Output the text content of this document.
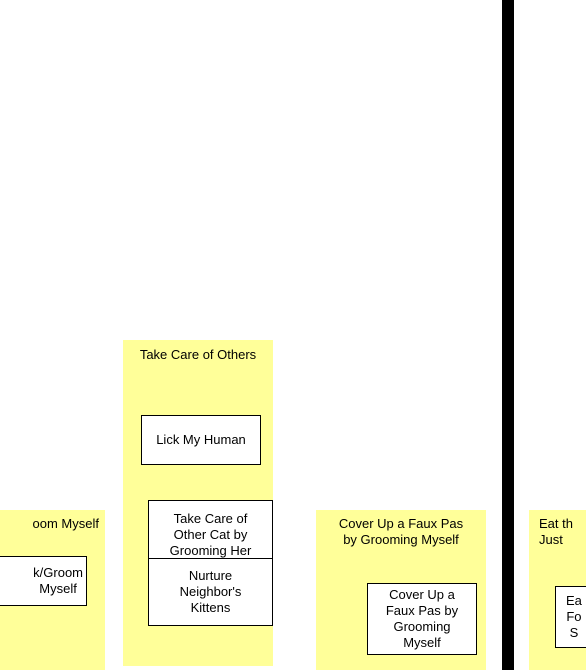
oom Myself
k/Groom
Myself
Take Care of Others
Lick My Human
Take Care of
Other Cat by
Grooming Her
Nurture
Neighbor's
Kittens
Cover Up a Faux Pas
by Grooming Myself
Cover Up a
Faux Pas by
Grooming
Myself
Eat th
Just
Ea
Fo
S
